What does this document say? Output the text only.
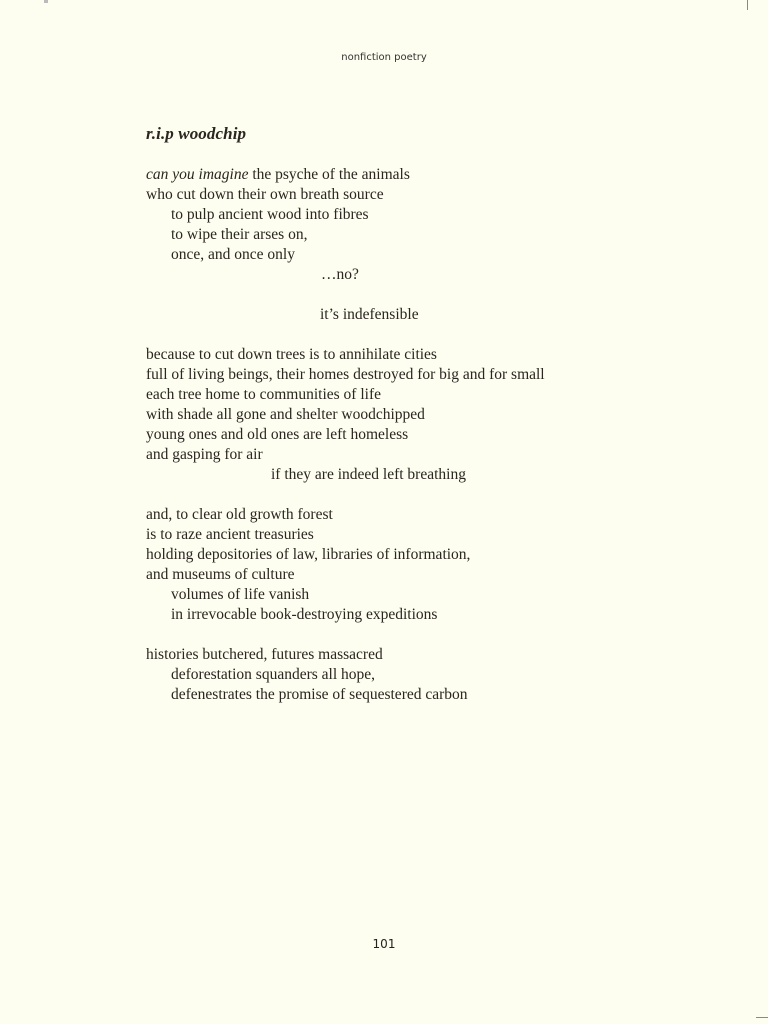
nonfiction poetry
r.i.p woodchip
can you imagine the psyche of the animals
who cut down their own breath source
to pulp ancient wood into fibres
to wipe their arses on,
once, and once only
…no?
it’s indefensible
because to cut down trees is to annihilate cities
full of living beings, their homes destroyed for big and for small
each tree home to communities of life
with shade all gone and shelter woodchipped
young ones and old ones are left homeless
and gasping for air
if they are indeed left breathing
and, to clear old growth forest
is to raze ancient treasuries
holding depositories of law, libraries of information,
and museums of culture
volumes of life vanish
in irrevocable book-destroying expeditions
histories butchered, futures massacred
deforestation squanders all hope,
defenestrates the promise of sequestered carbon
101
